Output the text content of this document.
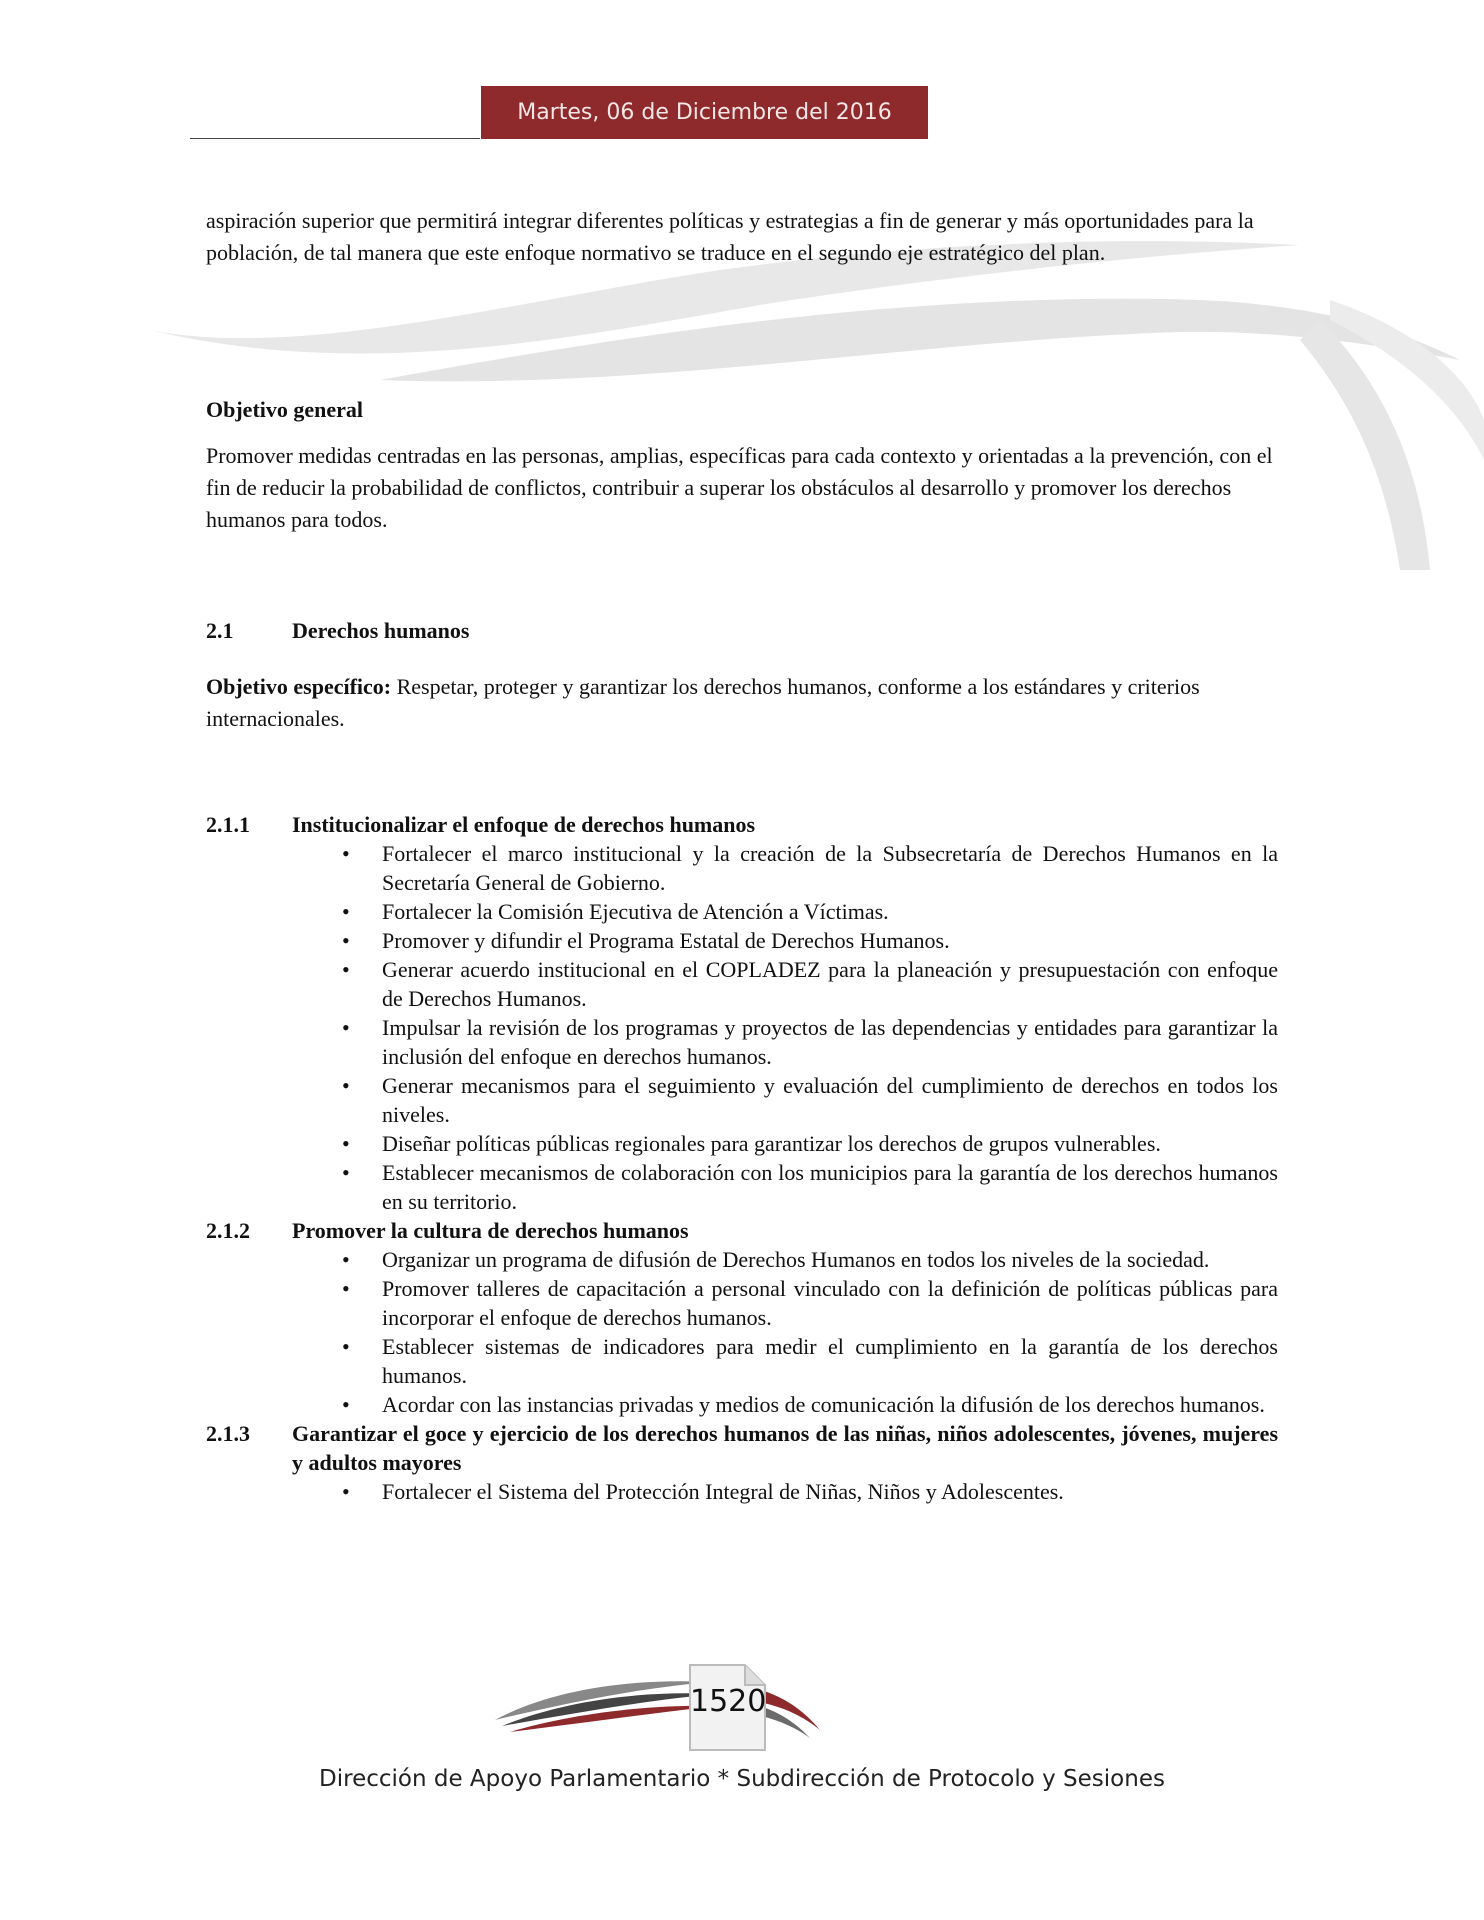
Martes, 06 de Diciembre del 2016

aspiración superior que permitirá integrar diferentes políticas y estrategias a fin de generar y más oportunidades para la población, de tal manera que este enfoque normativo se traduce en el segundo eje estratégico del plan.

Objetivo general

Promover medidas centradas en las personas, amplias, específicas para cada contexto y orientadas a la prevención, con el fin de reducir la probabilidad de conflictos, contribuir a superar los obstáculos al desarrollo y promover los derechos humanos para todos.

2.1	Derechos humanos

Objetivo específico: Respetar, proteger y garantizar los derechos humanos, conforme a los estándares y criterios internacionales.

2.1.1	Institucionalizar el enfoque de derechos humanos
• Fortalecer el marco institucional y la creación de la Subsecretaría de Derechos Humanos en la Secretaría General de Gobierno.
• Fortalecer la Comisión Ejecutiva de Atención a Víctimas.
• Promover y difundir el Programa Estatal de Derechos Humanos.
• Generar acuerdo institucional en el COPLADEZ para la planeación y presupuestación con enfoque de Derechos Humanos.
• Impulsar la revisión de los programas y proyectos de las dependencias y entidades para garantizar la inclusión del enfoque en derechos humanos.
• Generar mecanismos para el seguimiento y evaluación del cumplimiento de derechos en todos los niveles.
• Diseñar políticas públicas regionales para garantizar los derechos de grupos vulnerables.
• Establecer mecanismos de colaboración con los municipios para la garantía de los derechos humanos en su territorio.
2.1.2	Promover la cultura de derechos humanos
• Organizar un programa de difusión de Derechos Humanos en todos los niveles de la sociedad.
• Promover talleres de capacitación a personal vinculado con la definición de políticas públicas para incorporar el enfoque de derechos humanos.
• Establecer sistemas de indicadores para medir el cumplimiento en la garantía de los derechos humanos.
• Acordar con las instancias privadas y medios de comunicación la difusión de los derechos humanos.
2.1.3	Garantizar el goce y ejercicio de los derechos humanos de las niñas, niños adolescentes, jóvenes, mujeres y adultos mayores
• Fortalecer el Sistema del Protección Integral de Niñas, Niños y Adolescentes.
1520
Dirección de Apoyo Parlamentario * Subdirección de Protocolo y Sesiones
